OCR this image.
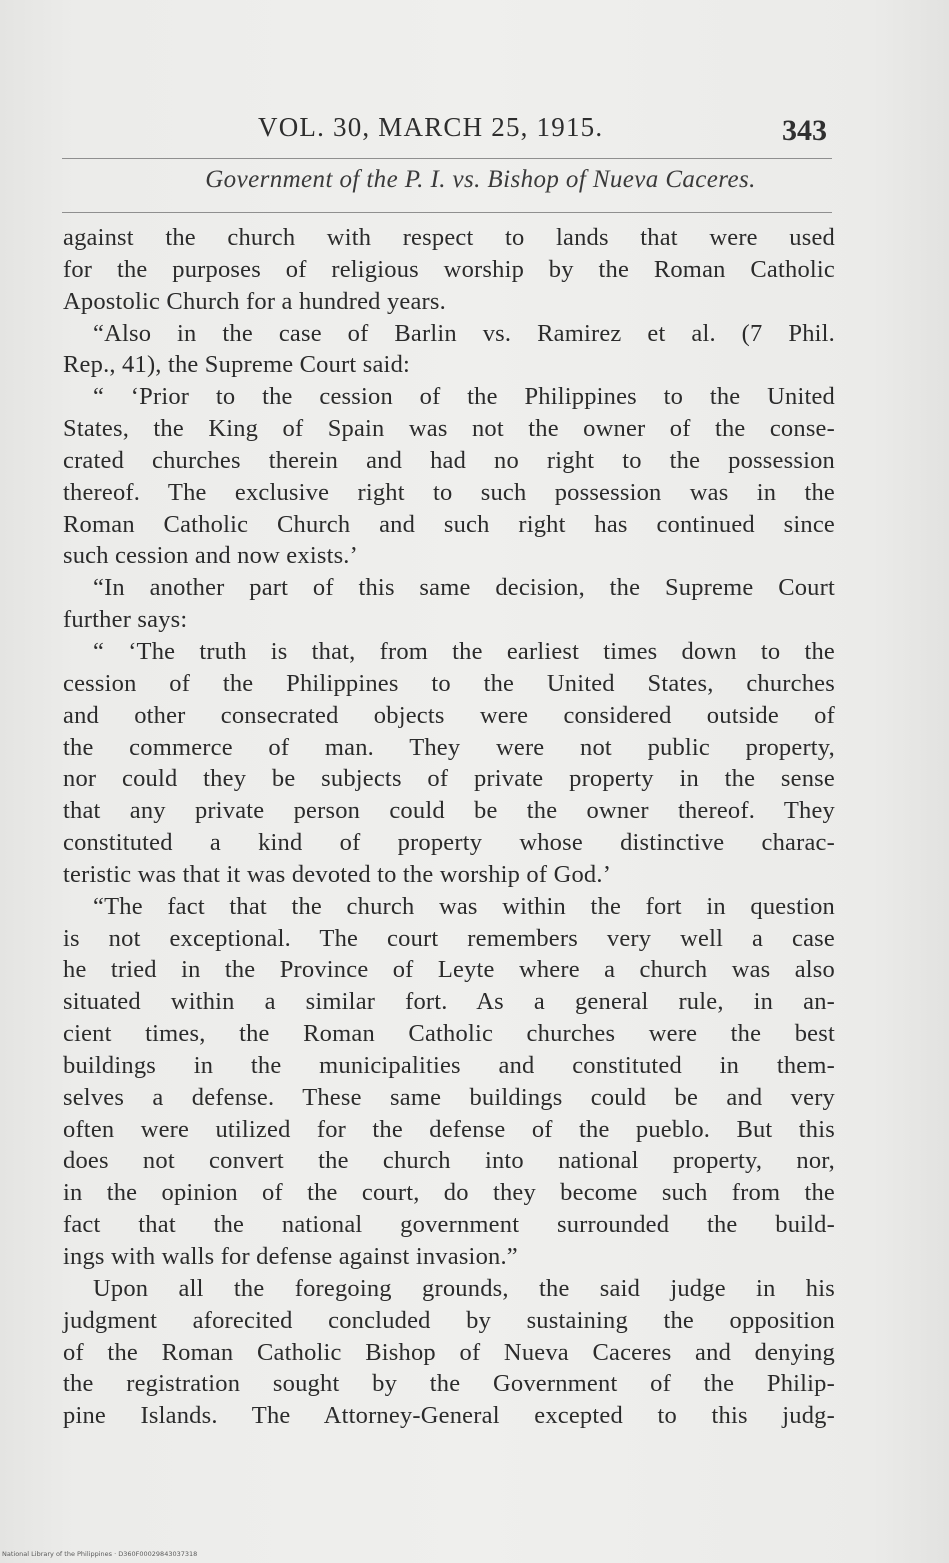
VOL. 30, MARCH 25, 1915.	343
Government of the P. I. vs. Bishop of Nueva Caceres.
against the church with respect to lands that were used
for the purposes of religious worship by the Roman Catholic
Apostolic Church for a hundred years.
“Also in the case of Barlin vs. Ramirez et al. (7 Phil.
Rep., 41), the Supreme Court said:
“ ‘Prior to the cession of the Philippines to the United
States, the King of Spain was not the owner of the conse-
crated churches therein and had no right to the possession
thereof. The exclusive right to such possession was in the
Roman Catholic Church and such right has continued since
such cession and now exists.’
“In another part of this same decision, the Supreme Court
further says:
“ ‘The truth is that, from the earliest times down to the
cession of the Philippines to the United States, churches
and other consecrated objects were considered outside of
the commerce of man. They were not public property,
nor could they be subjects of private property in the sense
that any private person could be the owner thereof. They
constituted a kind of property whose distinctive charac-
teristic was that it was devoted to the worship of God.’
“The fact that the church was within the fort in question
is not exceptional. The court remembers very well a case
he tried in the Province of Leyte where a church was also
situated within a similar fort. As a general rule, in an-
cient times, the Roman Catholic churches were the best
buildings in the municipalities and constituted in them-
selves a defense. These same buildings could be and very
often were utilized for the defense of the pueblo. But this
does not convert the church into national property, nor,
in the opinion of the court, do they become such from the
fact that the national government surrounded the build-
ings with walls for defense against invasion.”
Upon all the foregoing grounds, the said judge in his
judgment aforecited concluded by sustaining the opposition
of the Roman Catholic Bishop of Nueva Caceres and denying
the registration sought by the Government of the Philip-
pine Islands. The Attorney-General excepted to this judg-
National Library of the Philippines · D360F00029843037318
